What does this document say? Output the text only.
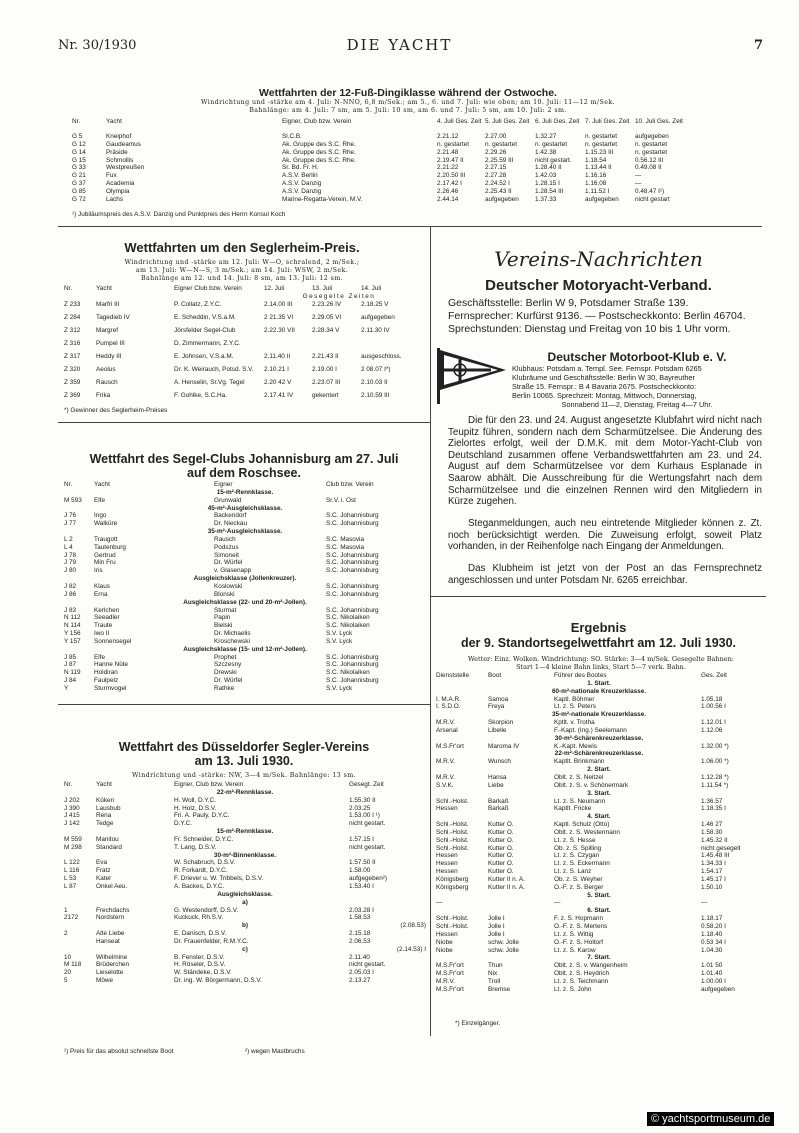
Nr. 30/1930	DIE YACHT	7
Wettfahrten der 12-Fuß-Dingiklasse während der Ostwoche.
Windrichtung und -stärke am 4. Juli: N-NNO, 6,8 m/Sek.; am 5., 6. und 7. Juli: wie oben; am 10. Juli: 11—12 m/Sek.
Bahnlänge: am 4. Juli: 7 sm, am 5. Juli: 10 sm, am 6. und 7. Juli: 5 sm, am 10. Juli: 2 sm.
Nr.	Yacht	Eigner, Club bzw. Verein	4. Juli Ges. Zeit 5. Juli Ges. Zeit 6. Juli Ges. Zeit 7. Juli Ges. Zeit 10. Juli Ges. Zeit
G 5	Kneiphof	Sl.C.B.	2.21.12	2.27.00	1.32.27	n. gestartet	aufgegeben
G 12	Gaudeamus	Ak. Gruppe des S.C. Rhe.	n. gestartet	n. gestartet	n. gestartet	n. gestartet	n. gestartet
G 14	Präside	Ak. Gruppe des S.C. Rhe.	2.21.48	2.29.26	1.42.38	1.15.23 III	n. gestartet
G 15	Schmollis	Ak. Gruppe des S.C. Rhe.	2.19.47 II	2.25.59 III	nicht gestart.	1.18.54	0.56.12 III
G 33	Westpreußen	Sr. Bd. Fr. H.	2.21.22	2.27.15	1.28.40 II	1.13.44 II	0.49.08 II
G 21	Fux	A.S.V. Berlin	2.20.50 III	2.27.28	1.42.03	1.16.16	—
G 37	Academia	A.S.V. Danzig	2.17.42 I	2.24.52 I	1.28.15 I	1.16.08	—
G 85	Olympia	A.S.V. Danzig	2.26.46	2.25.43 II	1.28.54 III	1.11.52 I	0.48.47 I¹)
G 72	Lachs	Marine-Regatta-Verein, M.V.	2.44.14	aufgegeben	1.37.33	aufgegeben	nicht gestart
¹) Jubiläumspreis des A.S.V. Danzig und Punktpreis des Herrn Konsul Koch
Wettfahrten um den Seglerheim-Preis.
Windrichtung und -stärke am 12. Juli: W—O, schralend, 2 m/Sek.;
am 13. Juli: W—N—S, 3 m/Sek.; am 14. Juli: WSW, 2 m/Sek.
Bahnlänge am 12. und 14. Juli: 8 sm, am 13. Juli: 12 sm.
Nr.	Yacht	Eigner Club bzw. Verein	12. Juli	13. Juli	14. Juli
Gesegelte Zeiten
Z 233	Marfri III	P. Collatz, Z.Y.C.	2.14.00 III	2.23.26 IV	2.18.25 V
Z 284	Tagedieb IV	E. Scheddin, V.S.a.M.	2 21.35 VI	2.29.05 VI	aufgegeben
Z 312	Margref	Jörsfelder Segel-Club	2.22.30 VII	2.28.34 V	2.11.30 IV
Z 316	Pumpel III	D. Zimmermann, Z.Y.C.
Z 317	Heddy III	E. Johnsen, V.S.a.M.	2.11.40 II	2.21.43 II	ausgeschloss.
Z 320	Aeolus	Dr. K. Weirauch, Potsd. S.V.	2.10.21 I	2.19.00 I	2 08.07 I*)
Z 359	Rausch	A. Henselin, Sr.Vg. Tegel	2.20 42 V	2.23.07 III	2.10.03 II
Z 369	Frika	F. Gohlke, S.C.Ha.	2.17.41 IV	gekentert	2.10.59 III
*) Gewinner des Seglerheim-Preises
Wettfahrt des Segel-Clubs Johannisburg am 27. Juli
auf dem Roschsee.
Nr.	Yacht	Eigner	Club bzw. Verein
15-m²-Rennklasse.
M 593	Elfe	Grunwald	Sr.V. i. Ost
45-m²-Ausgleichsklasse.
J 76	Ingo	Backendorf	S.C. Johannisburg
J 77	Walküre	Dr. Nieckau	S.C. Johannisburg
35-m²-Ausgleichsklasse.
L 2	Traugott	Rausch	S.C. Masovia
L 4	Tautenburg	Podszus	S.C. Masovia
J 78	Gertrud	Simoneit	S.C. Johannisburg
J 79	Min Fru	Dr. Würfel	S.C. Johannisburg
J 80	Iris	v. Glasenapp	S.C. Johannisburg
Ausgleichsklasse (Jollenkreuzer).
J 82	Klaus	Koslowski	S.C. Johannisburg
J 86	Erna	Blonski	S.C. Johannisburg
Ausgleichsklasse (22- und 20-m²-Jollen).
J 83	Kerlchen	Sturmat	S.C. Johannisburg
N 112	Seeadler	Papin	S.C. Nikolaiken
N 114	Traute	Bielski	S.C. Nikolaiken
Y 156	Iwo II	Dr. Michaelis	S.V. Lyck
Y 157	Sonnensegel	Kroschewski	S.V. Lyck
Ausgleichsklasse (15- und 12-m²-Jollen).
J 85	Elfe	Prophet	S.C. Johannisburg
J 87	Hanne Nüte	Szczesny	S.C. Johannisburg
N 119	Holdiran	Drewski	S.C. Nikolaiken
J 84	Faulpelz	Dr. Würfel	S.C. Johannisburg
Y	Sturmvogel	Rathke	S.V. Lyck
Wettfahrt des Düsseldorfer Segler-Vereins
am 13. Juli 1930.
Windrichtung und -stärke: NW, 3—4 m/Sek. Bahnlänge: 13 sm.
Nr.	Yacht	Eigner, Club bzw. Verein	Gesegt. Zeit
22-m²-Rennklasse.
J 202	Küken	H. Woll, D.Y.C.	1.55.30 II
J 390	Lausbub	H. Holz, D.S.V.	2.03.25
J 415	Rena	Fri. A. Pauly, D.Y.C.	1.53.00 I ¹)
J 142	Tedge	D.Y.C.	nicht gestart.
15-m²-Rennklasse.
M 559	Manitou	Fr. Schneider, D.Y.C.	1.57.15 I
M 298	Standard	T. Lang, D.S.V.	nicht gestart.
30-m²-Binnenklasse.
L 122	Eva	W. Schabruch, D.S.V.	1.57.50 II
L 116	Fratz	R. Forkardt, D.Y.C.	1.58.00
L 53	Kater	F. Driever u. W. Tribbels, D.S.V.	aufgegeben²)
L 87	Onkel Aeu.	A. Backes, D.Y.C.	1.53.40 I
Ausgleichsklasse.
a)
1	Frechdachs	G. Westendorff, D.S.V.	2.03.28 I
2172	Nordstern	Kuckuck, Rh.S.V.	1.58.53
b)	(2.08.53)
2	Alte Liebe	E. Danisch, D.S.V.	2.15.18
Hanseat	Dr. Frauenfelder, R.M.Y.C.	2.06.53
c)	(2.14.53) I
10	Wilhelmine	B. Fenster, D.S.V.	2.11.40
M 118	Brüderchen	H. Röseler, D.S.V.	nicht gestart.
20	Lieselotte	W. Ständeke, D.S.V.	2.05.03 I
5	Möwe	Dr. ing. W. Börgermann, D.S.V.	2.13.27
¹) Preis für das absolut schnellste Boot	²) wegen Mastbruchs
Vereins-Nachrichten
Deutscher Motoryacht-Verband.
Geschäftsstelle: Berlin W 9, Potsdamer Straße 139.
Fernsprecher: Kurfürst 9136. — Postscheckkonto: Berlin 46704.
Sprechstunden: Dienstag und Freitag von 10 bis 1 Uhr vorm.
Deutscher Motorboot-Klub e. V.
Klubhaus: Potsdam a. Templ. See. Fernspr. Potsdam 6265
Klubräume und Geschäftsstelle: Berlin W 30, Bayreuther
Straße 15. Fernspr.: B 4 Bavaria 2675. Postscheckkonto:
Berlin 10065. Sprechzeit: Montag, Mittwoch, Donnerstag,
Sonnabend 11—2, Dienstag, Freitag 4—7 Uhr.
Die für den 23. und 24. August angesetzte Klubfahrt wird nicht nach Teupitz führen, sondern nach dem Scharmützelsee. Die Änderung des Zielortes erfolgt, weil der D.M.K. mit dem Motor-Yacht-Club von Deutschland zusammen offene Verbandswettfahrten am 23. und 24. August auf dem Scharmützelsee vor dem Kurhaus Esplanade in Saarow abhält. Die Ausschreibung für die Wertungsfahrt nach dem Scharmützelsee und die einzelnen Rennen wird den Mitgliedern in Kürze zugehen.
Steganmeldungen, auch neu eintretende Mitglieder können z. Zt. noch berücksichtigt werden. Die Zuweisung erfolgt, soweit Platz vorhanden, in der Reihenfolge nach Eingang der Anmeldungen.
Das Klubheim ist jetzt von der Post an das Fernsprechnetz angeschlossen und unter Potsdam Nr. 6265 erreichbar.
Ergebnis
der 9. Standortsegelwettfahrt am 12. Juli 1930.
Wetter: Einz. Wolken. Windrichtung: SO. Stärke: 3—4 m/Sek. Gesegelte Bahnen:
Start 1—4 kleine Bahn links, Start 5—7 verk. Bahn.
Dienststelle	Boot	Führer des Bootes	Ges. Zeit
1. Start.
60-m²-nationale Kreuzerklasse.
I. M.A.R.	Samoa	Kaptl. Böhmer	1.05.18
I. S.D.O.	Freya	Lt. z. S. Peters	1.00.56 I
35-m²-nationale Kreuzerklasse.
M.R.V.	Skorpion	Kptlt. v. Trotha	1.12.01 I
Arsenal	Libelle	F.-Kapt. (Ing.) Seelemann	1.12.06
30-m²-Schärenkreuzerklasse.
M.S.Fr'ort	Maroma IV	K.-Kapt. Mewis	1.32.00 *)
22-m²-Schärenkreuzerklasse.
M.R.V.	Wunsch	Kaptlt. Brinkmann	1.06.00 *)
2. Start.
M.R.V.	Hansa	Oblt. z. S. Neitzel	1.12.28 *)
S.V.K.	Liebe	Oblt. z. S. v. Schönermark	1.11.54 *)
3. Start.
Schl.-Holst.	Barkaß	Lt. z. S. Neumann	1.36.57
Hessen	Barkaß	Kaptlt. Fricke	1.18.35 I
4. Start.
Schl.-Holst.	Kutter O.	Kaptl. Schulz (Otto)	1.46 27
Schl.-Holst.	Kutter O.	Oblt. z. S. Westermann	1.58.30
Schl.-Holst.	Kutter O.	Lt. z. S. Hesse	1.45.32 II
Schl.-Holst.	Kutter O.	Ob. z. S. Spilling	nicht gesegelt
Hessen	Kutter O.	Lt. z. S. Czygan	1.45.48 III
Hessen	Kutter O.	Lt. z. S. Eckermann	1.34.33 I
Hessen	Kutter O.	Lt. z. S. Lanz	1.54.17
Königsberg	Kutter II n. A.	Ob. z. S. Weyher	1.45.17 I
Königsberg	Kutter II n. A.	O.-F. z. S. Berger	1.50.10
5. Start.
—	—	—
6. Start.
Schl.-Holst.	Jolle I	F. z. S. Hopmann	1.18.17
Schl.-Holst.	Jolle I	O.-F. z. S. Mertens	0.58.20 I
Hessen	Jolle I	Lt. z. S. Wittig	1.18.40
Niobe	schw. Jolle	O.-F. z. S. Holtorf	0.53 34 I
Niobe	schw. Jolle	Lt. z. S. Karow	1.04.30
7. Start.
M.S.Fr'ort	Thun	Oblt. z. S. v. Wangenheim	1.01 50
M.S.Fr'ort	Nix	Oblt. z. S. Heydrich	1.01.40
M.R.V.	Troll	Lt. z. S. Teichmann	1.00.00 I
M.S.Fr'ort	Bremse	Lt. z. S. John	aufgegeben
*) Einzelgänger.
© yachtsportmuseum.de
